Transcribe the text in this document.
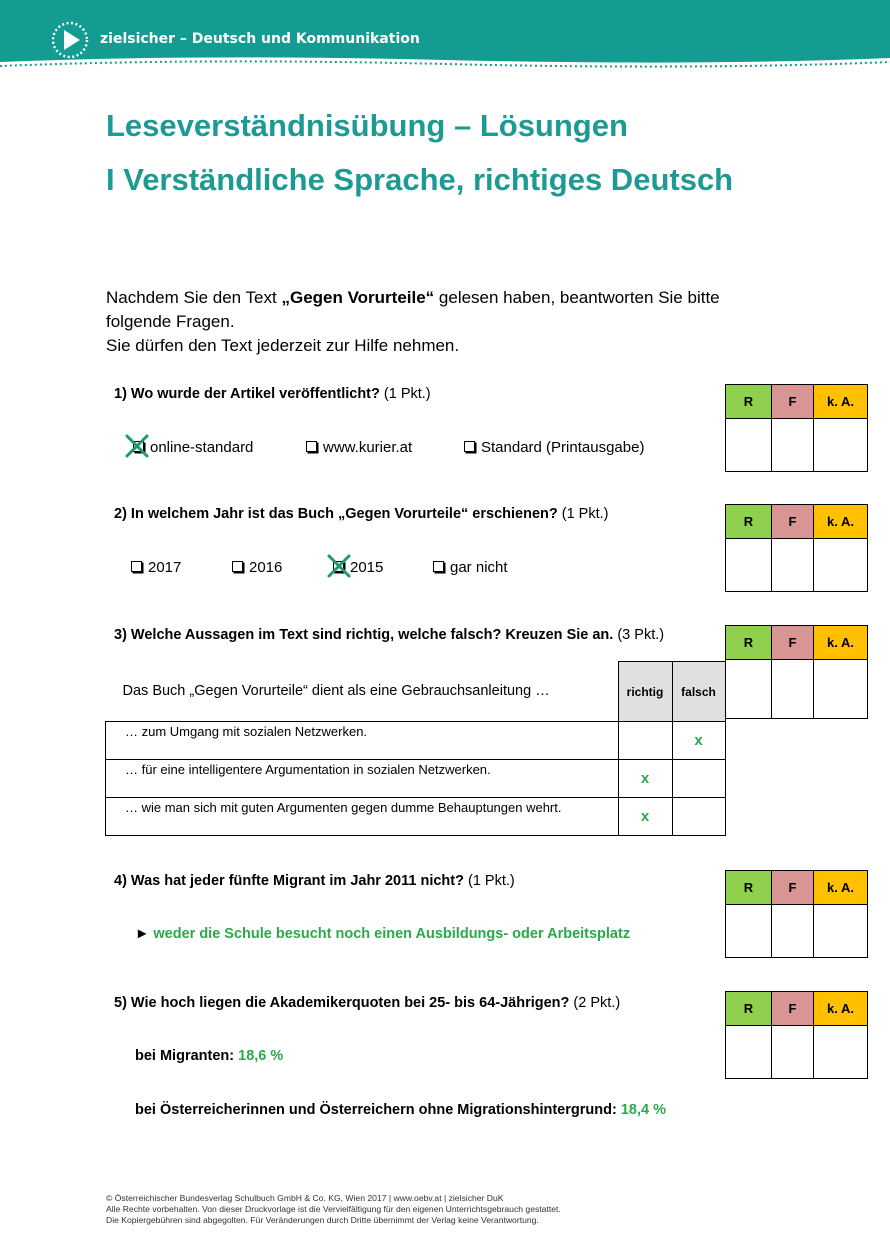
zielsicher – Deutsch und Kommunikation
Leseverständnisübung – Lösungen
I Verständliche Sprache, richtiges Deutsch
Nachdem Sie den Text „Gegen Vorurteile“ gelesen haben, beantworten Sie bitte
folgende Fragen.
Sie dürfen den Text jederzeit zur Hilfe nehmen.
1) Wo wurde der Artikel veröffentlicht? (1 Pkt.)
online-standard	www.kurier.at	Standard (Printausgabe)
R	F	k. A.

2) In welchem Jahr ist das Buch „Gegen Vorurteile“ erschienen? (1 Pkt.)
2017	2016	2015	gar nicht
R	F	k. A.

3) Welche Aussagen im Text sind richtig, welche falsch? Kreuzen Sie an. (3 Pkt.)
Das Buch „Gegen Vorurteile“ dient als eine Gebrauchsanleitung …	richtig	falsch
… zum Umgang mit sozialen Netzwerken.		x
… für eine intelligentere Argumentation in sozialen Netzwerken.	x	
… wie man sich mit guten Argumenten gegen dumme Behauptungen wehrt.	x	
R	F	k. A.

4) Was hat jeder fünfte Migrant im Jahr 2011 nicht? (1 Pkt.)
► weder die Schule besucht noch einen Ausbildungs- oder Arbeitsplatz
R	F	k. A.

5) Wie hoch liegen die Akademikerquoten bei 25- bis 64-Jährigen? (2 Pkt.)
bei Migranten: 18,6 %
bei Österreicherinnen und Österreichern ohne Migrationshintergrund: 18,4 %
R	F	k. A.

© Österreichischer Bundesverlag Schulbuch GmbH & Co. KG, Wien 2017 | www.oebv.at | zielsicher DuK
Alle Rechte vorbehalten. Von dieser Druckvorlage ist die Vervielfältigung für den eigenen Unterrichtsgebrauch gestattet.
Die Kopiergebühren sind abgegolten. Für Veränderungen durch Dritte übernimmt der Verlag keine Verantwortung.
